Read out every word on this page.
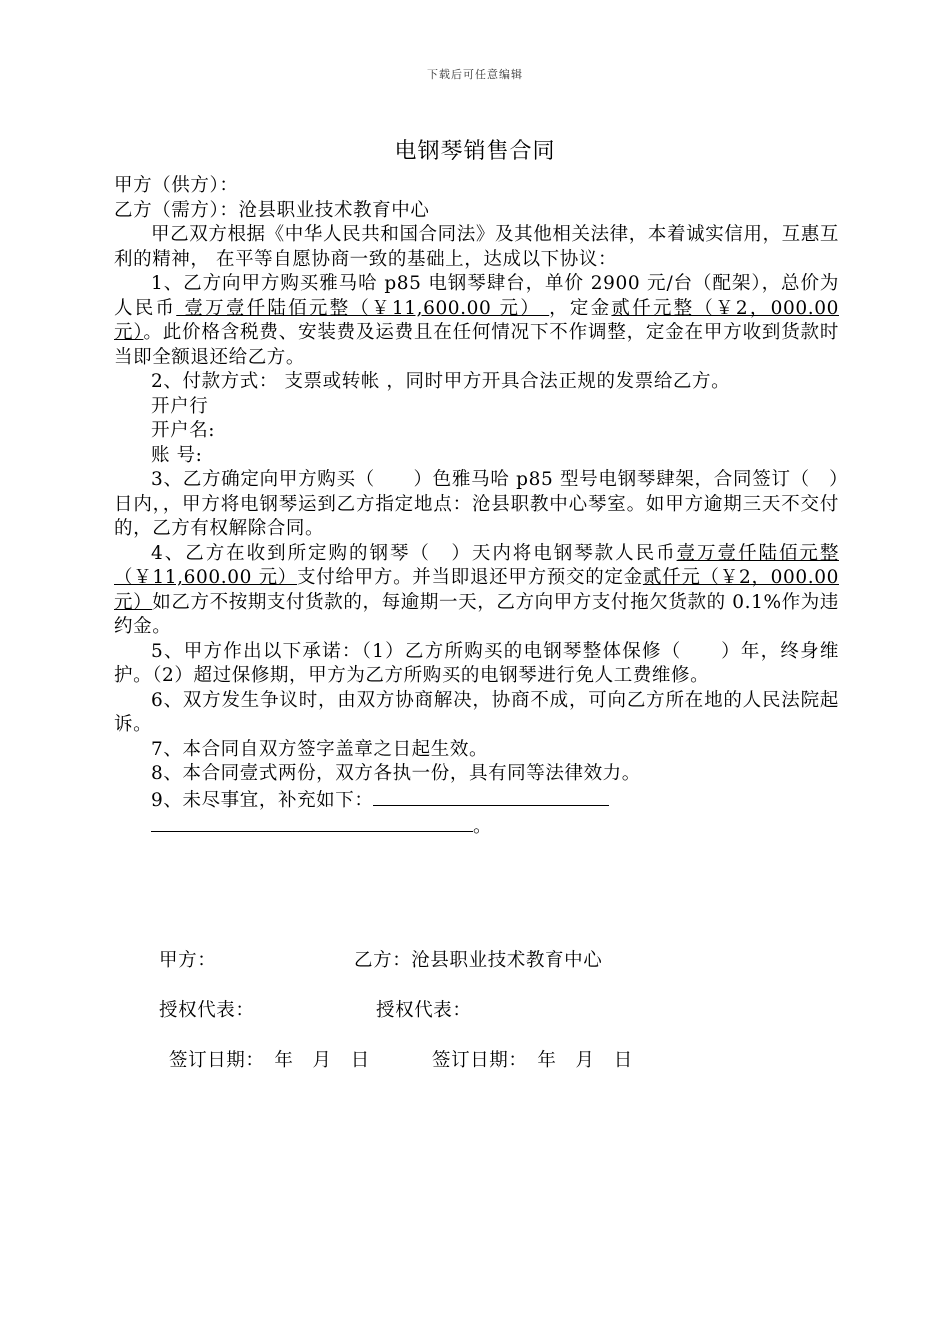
下载后可任意编辑
电钢琴销售合同

甲方（供方）：

乙方（需方）：沧县职业技术教育中心

甲乙双方根据《中华人民共和国合同法》及其他相关法律，本着诚实信用，互惠互利的精神， 在平等自愿协商一致的基础上，达成以下协议：

1、乙方向甲方购买雅马哈 p85 电钢琴肆台，单价 2900 元/台（配架），总价为人民币 壹万壹仟陆佰元整（￥11,600.00 元） ，定金贰仟元整（￥2，000.00 元）。此价格含税费、安装费及运费且在任何情况下不作调整，定金在甲方收到货款时当即全额退还给乙方。

2、付款方式： 支票或转帐 ，同时甲方开具合法正规的发票给乙方。

开户行

开户名:

账 号:

3、乙方确定向甲方购买（　　）色雅马哈 p85 型号电钢琴肆架，合同签订（　）日内，，甲方将电钢琴运到乙方指定地点：沧县职教中心琴室。如甲方逾期三天不交付的，乙方有权解除合同。

4、乙方在收到所定购的钢琴（　）天内将电钢琴款人民币壹万壹仟陆佰元整（￥11,600.00 元）支付给甲方。并当即退还甲方预交的定金贰仟元（￥2，000.00 元）如乙方不按期支付货款的，每逾期一天，乙方向甲方支付拖欠货款的 0.1%作为违约金。

5、甲方作出以下承诺：（1）乙方所购买的电钢琴整体保修（　　）年，终身维护。（2）超过保修期，甲方为乙方所购买的电钢琴进行免人工费维修。

6、双方发生争议时，由双方协商解决，协商不成，可向乙方所在地的人民法院起诉。

7、本合同自双方签字盖章之日起生效。

8、本合同壹式两份，双方各执一份，具有同等法律效力。

9、未尽事宜，补充如下：

。

甲方：	乙方：沧县职业技术教育中心
授权代表：	授权代表：
签订日期：　年　月　日	签订日期：　年　月　日
